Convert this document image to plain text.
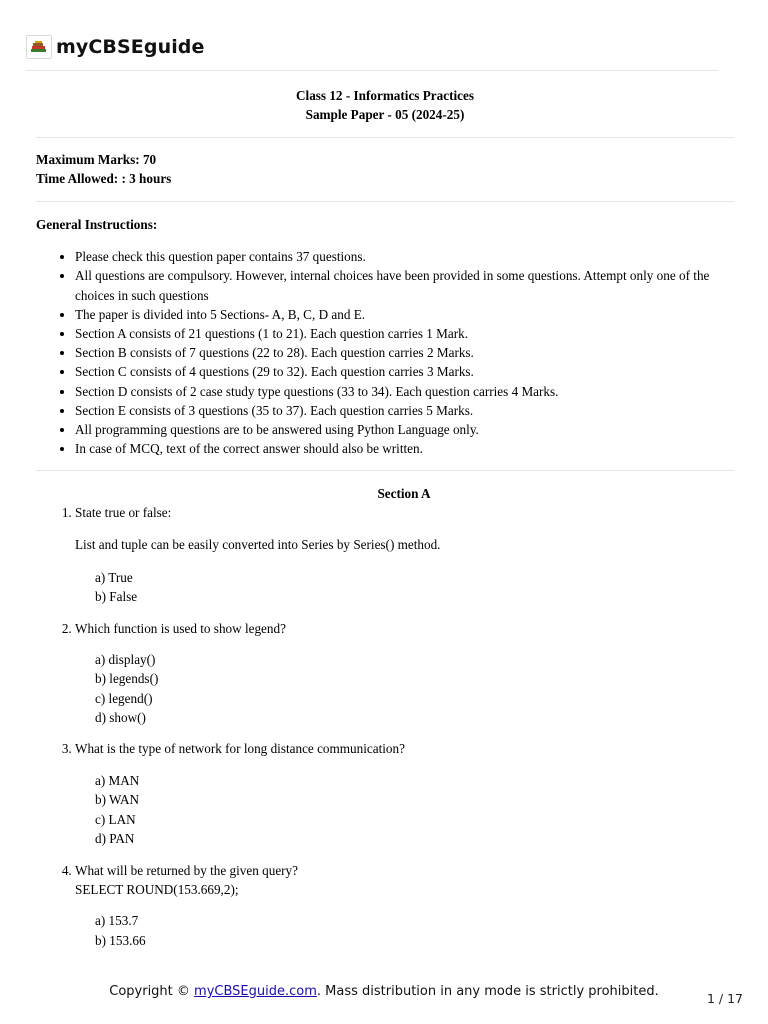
myCBSEguide
Class 12 - Informatics Practices
Sample Paper - 05 (2024-25)
Maximum Marks: 70
Time Allowed: : 3 hours
General Instructions:
• Please check this question paper contains 37 questions.
• All questions are compulsory. However, internal choices have been provided in some questions. Attempt only one of the choices in such questions
• The paper is divided into 5 Sections- A, B, C, D and E.
• Section A consists of 21 questions (1 to 21). Each question carries 1 Mark.
• Section B consists of 7 questions (22 to 28). Each question carries 2 Marks.
• Section C consists of 4 questions (29 to 32). Each question carries 3 Marks.
• Section D consists of 2 case study type questions (33 to 34). Each question carries 4 Marks.
• Section E consists of 3 questions (35 to 37). Each question carries 5 Marks.
• All programming questions are to be answered using Python Language only.
• In case of MCQ, text of the correct answer should also be written.
Section A
1. State true or false:
List and tuple can be easily converted into Series by Series() method.
a) True
b) False
2. Which function is used to show legend?
a) display()
b) legends()
c) legend()
d) show()
3. What is the type of network for long distance communication?
a) MAN
b) WAN
c) LAN
d) PAN
4. What will be returned by the given query?
SELECT ROUND(153.669,2);
a) 153.7
b) 153.66
Copyright © myCBSEguide.com. Mass distribution in any mode is strictly prohibited.	1 / 17
